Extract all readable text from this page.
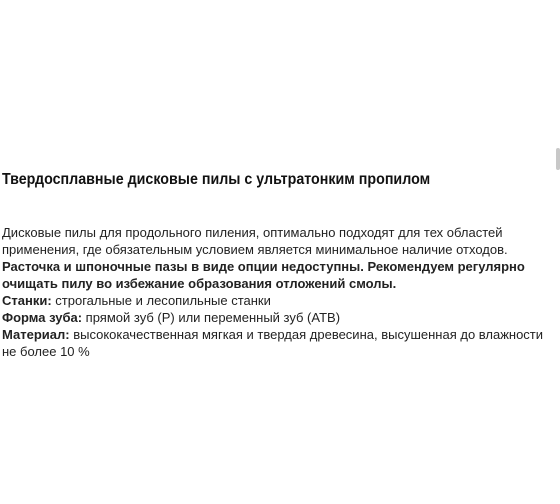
Твердосплавные дисковые пилы с ультратонким пропилом

Дисковые пилы для продольного пиления, оптимально подходят для тех областей применения, где обязательным условием является минимальное наличие отходов.

Расточка и шпоночные пазы в виде опции недоступны. Рекомендуем регулярно очищать пилу во избежание образования отложений смолы.

Станки: строгальные и лесопильные станки

Форма зуба: прямой зуб (P) или переменный зуб (ATB)

Материал: высококачественная мягкая и твердая древесина, высушенная до влажности не более 10 %
